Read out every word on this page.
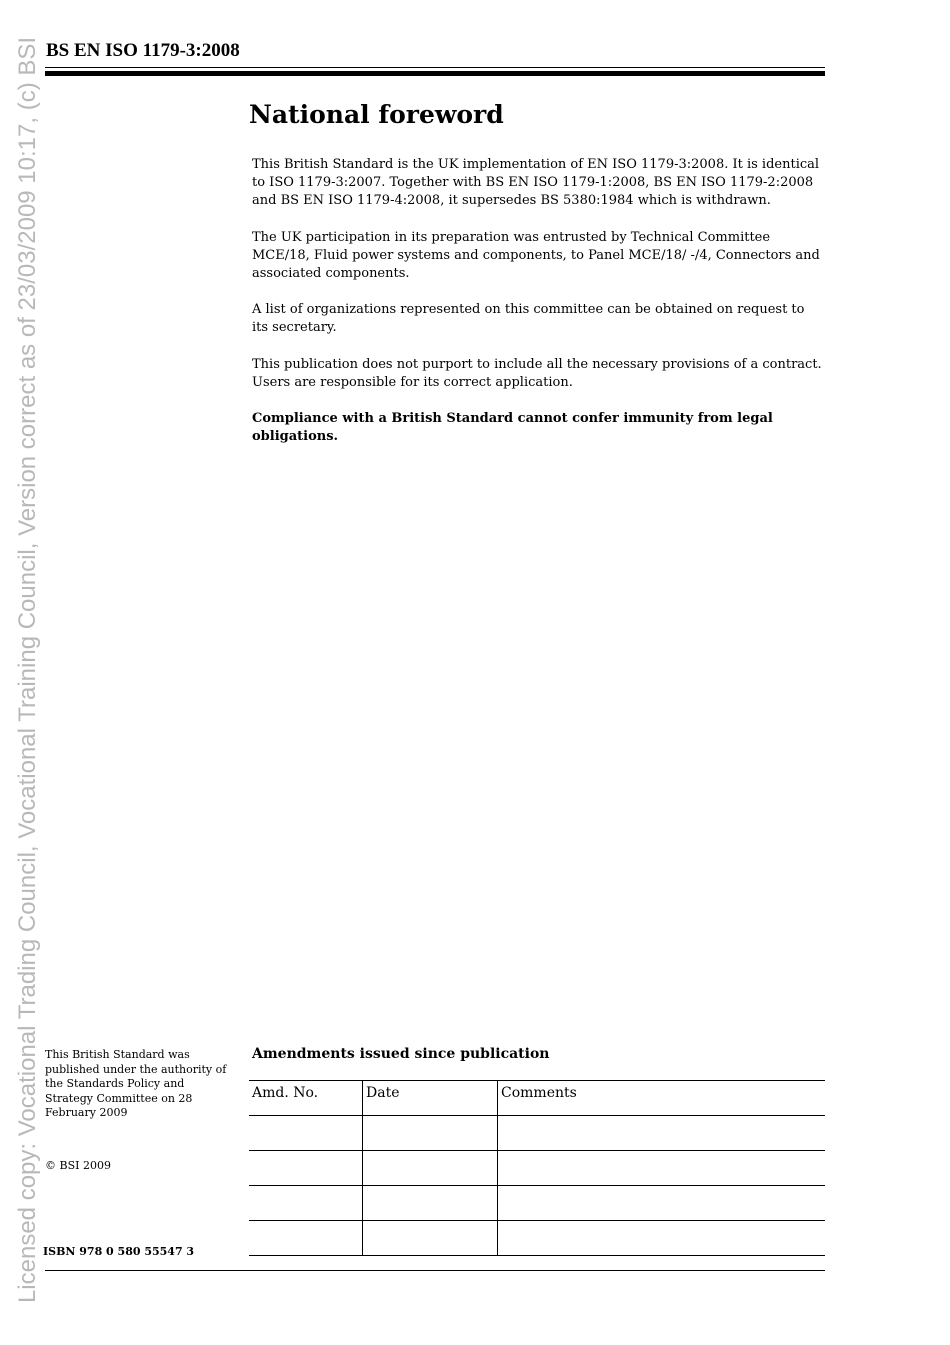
Licensed copy: Vocational Trading Council, Vocational Training Council, Version correct as of 23/03/2009 10:17, (c) BSI BS EN ISO 1179-3:2008
National foreword

This British Standard is the UK implementation of EN ISO 1179-3:2008. It is identical to ISO 1179-3:2007. Together with BS EN ISO 1179-1:2008, BS EN ISO 1179-2:2008 and BS EN ISO 1179-4:2008, it supersedes BS 5380:1984 which is withdrawn.

The UK participation in its preparation was entrusted by Technical Committee MCE/18, Fluid power systems and components, to Panel MCE/18/ -/4, Connectors and associated components.

A list of organizations represented on this committee can be obtained on request to its secretary.

This publication does not purport to include all the necessary provisions of a contract. Users are responsible for its correct application.

Compliance with a British Standard cannot confer immunity from legal obligations.

This British Standard was published under the authority of the Standards Policy and Strategy Committee on 28 February 2009
© BSI 2009
ISBN 978 0 580 55547 3
Amendments issued since publication
Amd. No.	Date	Comments
